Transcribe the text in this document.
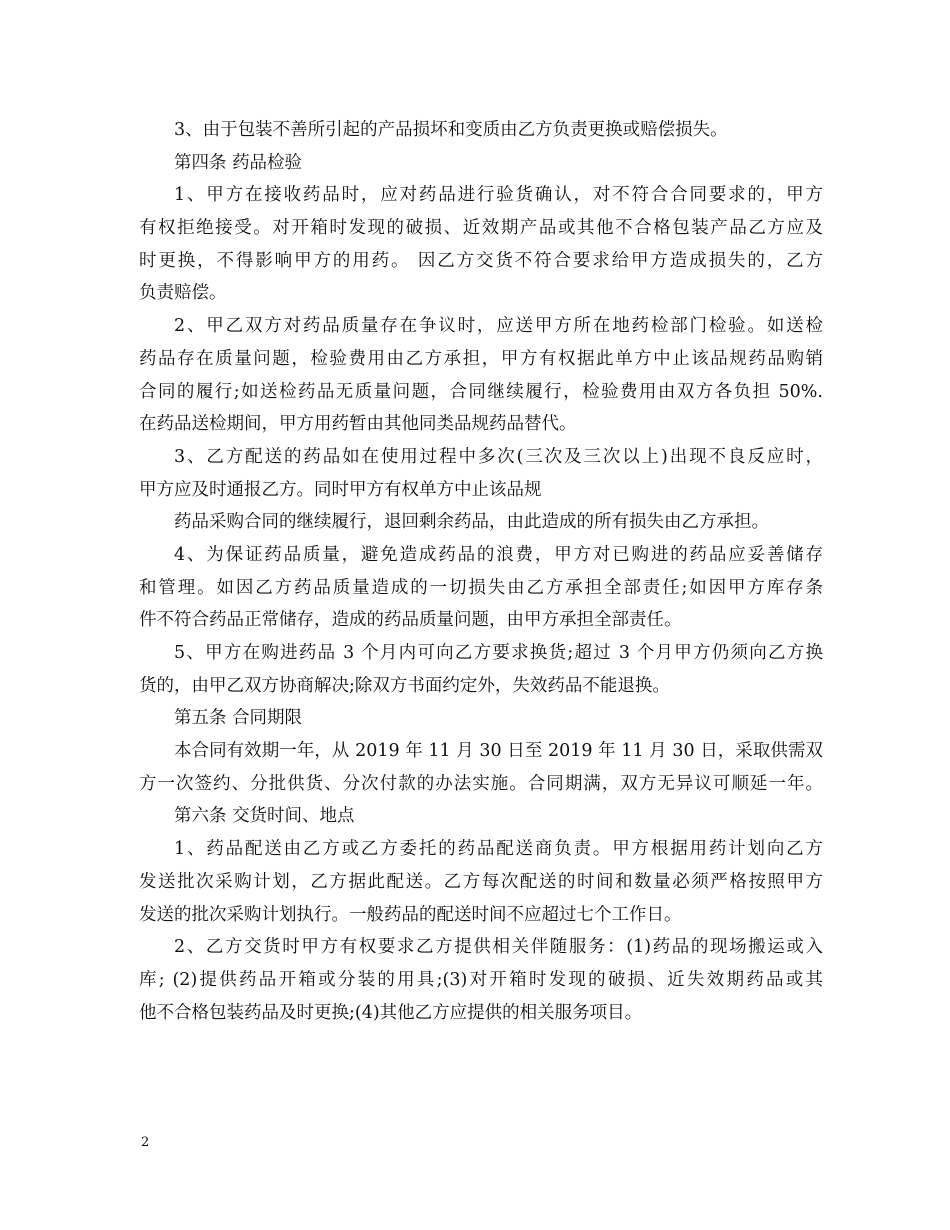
3、由于包装不善所引起的产品损坏和变质由乙方负责更换或赔偿损失。
第四条 药品检验
1、甲方在接收药品时，应对药品进行验货确认，对不符合合同要求的，甲方
有权拒绝接受。对开箱时发现的破损、近效期产品或其他不合格包装产品乙方应及
时更换，不得影响甲方的用药。 因乙方交货不符合要求给甲方造成损失的，乙方
负责赔偿。
2、甲乙双方对药品质量存在争议时，应送甲方所在地药检部门检验。如送检
药品存在质量问题，检验费用由乙方承担，甲方有权据此单方中止该品规药品购销
合同的履行;如送检药品无质量问题，合同继续履行，检验费用由双方各负担 50%.
在药品送检期间，甲方用药暂由其他同类品规药品替代。
3、乙方配送的药品如在使用过程中多次(三次及三次以上)出现不良反应时，
甲方应及时通报乙方。同时甲方有权单方中止该品规
药品采购合同的继续履行，退回剩余药品，由此造成的所有损失由乙方承担。
4、为保证药品质量，避免造成药品的浪费，甲方对已购进的药品应妥善储存
和管理。如因乙方药品质量造成的一切损失由乙方承担全部责任;如因甲方库存条
件不符合药品正常储存，造成的药品质量问题，由甲方承担全部责任。
5、甲方在购进药品 3 个月内可向乙方要求换货;超过 3 个月甲方仍须向乙方换
货的，由甲乙双方协商解决;除双方书面约定外，失效药品不能退换。
第五条 合同期限
本合同有效期一年，从 2019 年 11 月 30 日至 2019 年 11 月 30 日，采取供需双
方一次签约、分批供货、分次付款的办法实施。合同期满，双方无异议可顺延一年。
第六条 交货时间、地点
1、药品配送由乙方或乙方委托的药品配送商负责。甲方根据用药计划向乙方
发送批次采购计划，乙方据此配送。乙方每次配送的时间和数量必须严格按照甲方
发送的批次采购计划执行。一般药品的配送时间不应超过七个工作日。
2、乙方交货时甲方有权要求乙方提供相关伴随服务：(1)药品的现场搬运或入
库; (2)提供药品开箱或分装的用具;(3)对开箱时发现的破损、近失效期药品或其
他不合格包装药品及时更换;(4)其他乙方应提供的相关服务项目。
2
